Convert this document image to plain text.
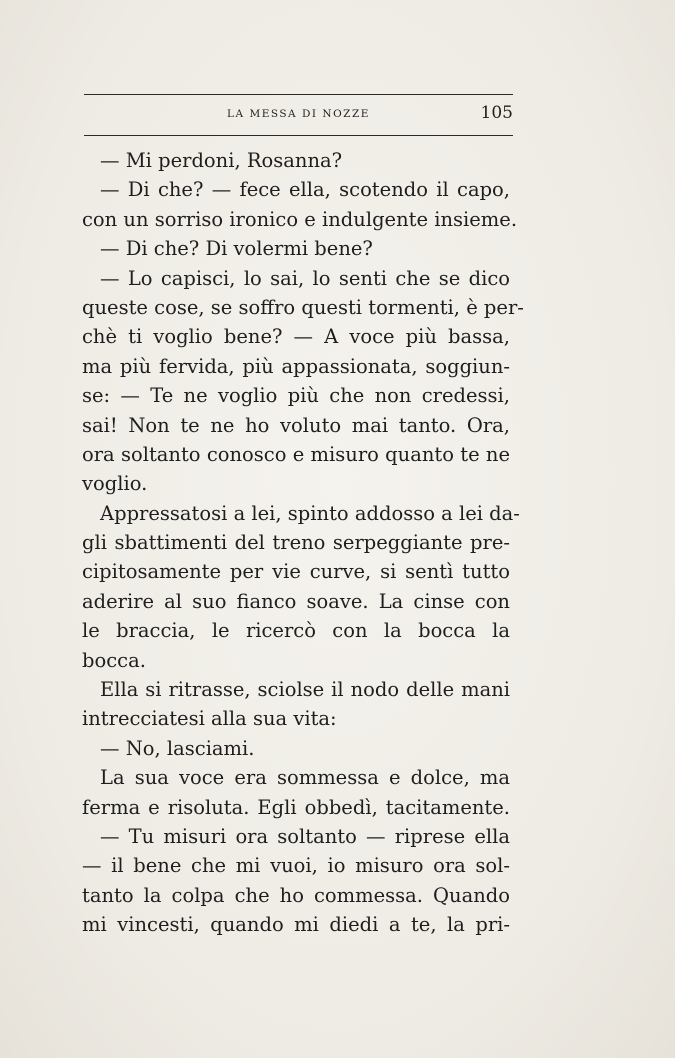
LA MESSA DI NOZZE	105
— Mi perdoni, Rosanna?
— Di che? — fece ella, scotendo il capo,
con un sorriso ironico e indulgente insieme.
— Di che? Di volermi bene?
— Lo capisci, lo sai, lo senti che se dico
queste cose, se soffro questi tormenti, è per-
chè ti voglio bene? — A voce più bassa,
ma più fervida, più appassionata, soggiun-
se: — Te ne voglio più che non credessi,
sai! Non te ne ho voluto mai tanto. Ora,
ora soltanto conosco e misuro quanto te ne
voglio.
Appressatosi a lei, spinto addosso a lei da-
gli sbattimenti del treno serpeggiante pre-
cipitosamente per vie curve, si sentì tutto
aderire al suo fianco soave. La cinse con
le braccia, le ricercò con la bocca la
bocca.
Ella si ritrasse, sciolse il nodo delle mani
intrecciatesi alla sua vita:
— No, lasciami.
La sua voce era sommessa e dolce, ma
ferma e risoluta. Egli obbedì, tacitamente.
— Tu misuri ora soltanto — riprese ella
— il bene che mi vuoi, io misuro ora sol-
tanto la colpa che ho commessa. Quando
mi vincesti, quando mi diedi a te, la pri-
